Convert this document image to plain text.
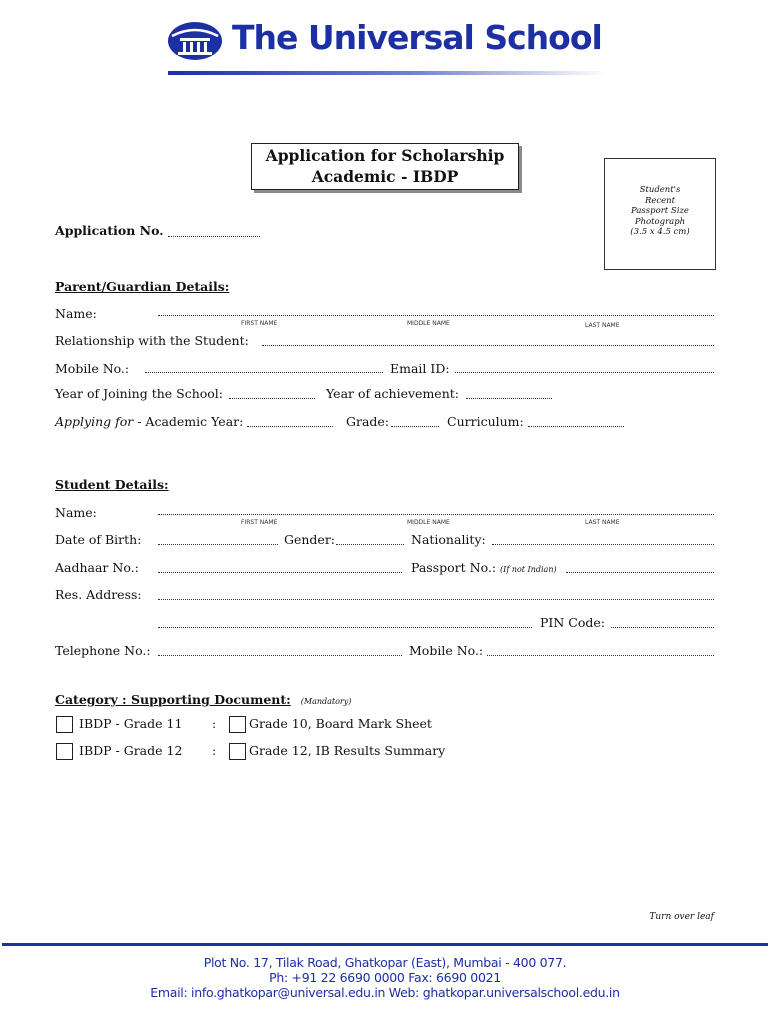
The Universal School
Application for Scholarship
Academic - IBDP
Student's
Recent
Passport Size
Photograph
(3.5 x 4.5 cm)
Application No.
Parent/Guardian Details:
Name:
FIRST NAME	MIDDLE NAME	LAST NAME
Relationship with the Student:
Mobile No.:	Email ID:
Year of Joining the School:	Year of achievement:
Applying for - Academic Year:	Grade:	Curriculum:
Student Details:
Name:
FIRST NAME	MIDDLE NAME	LAST NAME
Date of Birth:	Gender:	Nationality:
Aadhaar No.:	Passport No.: (If not Indian)
Res. Address:
PIN Code:
Telephone No.:	Mobile No.:
Category : Supporting Document: (Mandatory)
IBDP - Grade 11 :	Grade 10, Board Mark Sheet
IBDP - Grade 12 :	Grade 12, IB Results Summary
Turn over leaf
Plot No. 17, Tilak Road, Ghatkopar (East), Mumbai - 400 077.
Ph: +91 22 6690 0000 Fax: 6690 0021
Email: info.ghatkopar@universal.edu.in Web: ghatkopar.universalschool.edu.in
